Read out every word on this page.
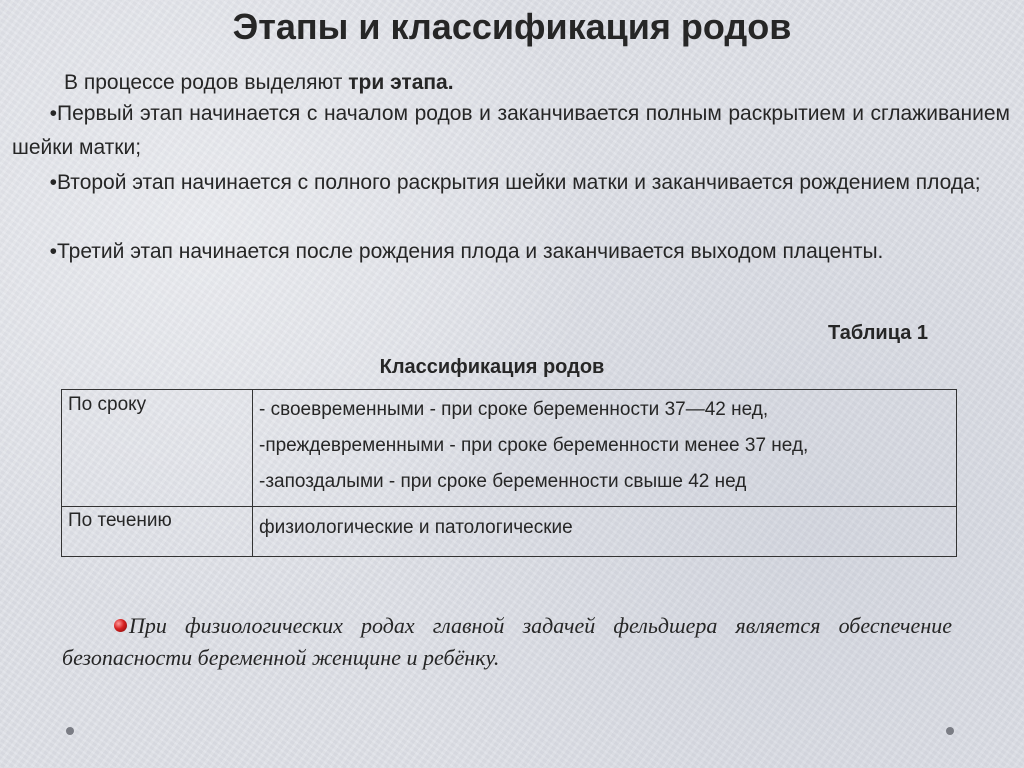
Этапы и классификация родов
В процессе родов выделяют три этапа.
•Первый этап начинается с началом родов и заканчивается полным раскрытием и сглаживанием шейки матки;
•Второй этап начинается с полного раскрытия шейки матки и заканчивается рождением плода;
•Третий этап начинается после рождения плода и заканчивается выходом плаценты.
Таблица 1
Классификация родов
По сроку	- своевременными - при сроке беременности 37—42 нед,
-преждевременными - при сроке беременности менее 37 нед,
-запоздалыми - при сроке беременности свыше 42 нед

По течению	физиологические и патологические
При физиологических родах главной задачей фельдшера является обеспечение безопасности беременной женщине и ребёнку.
